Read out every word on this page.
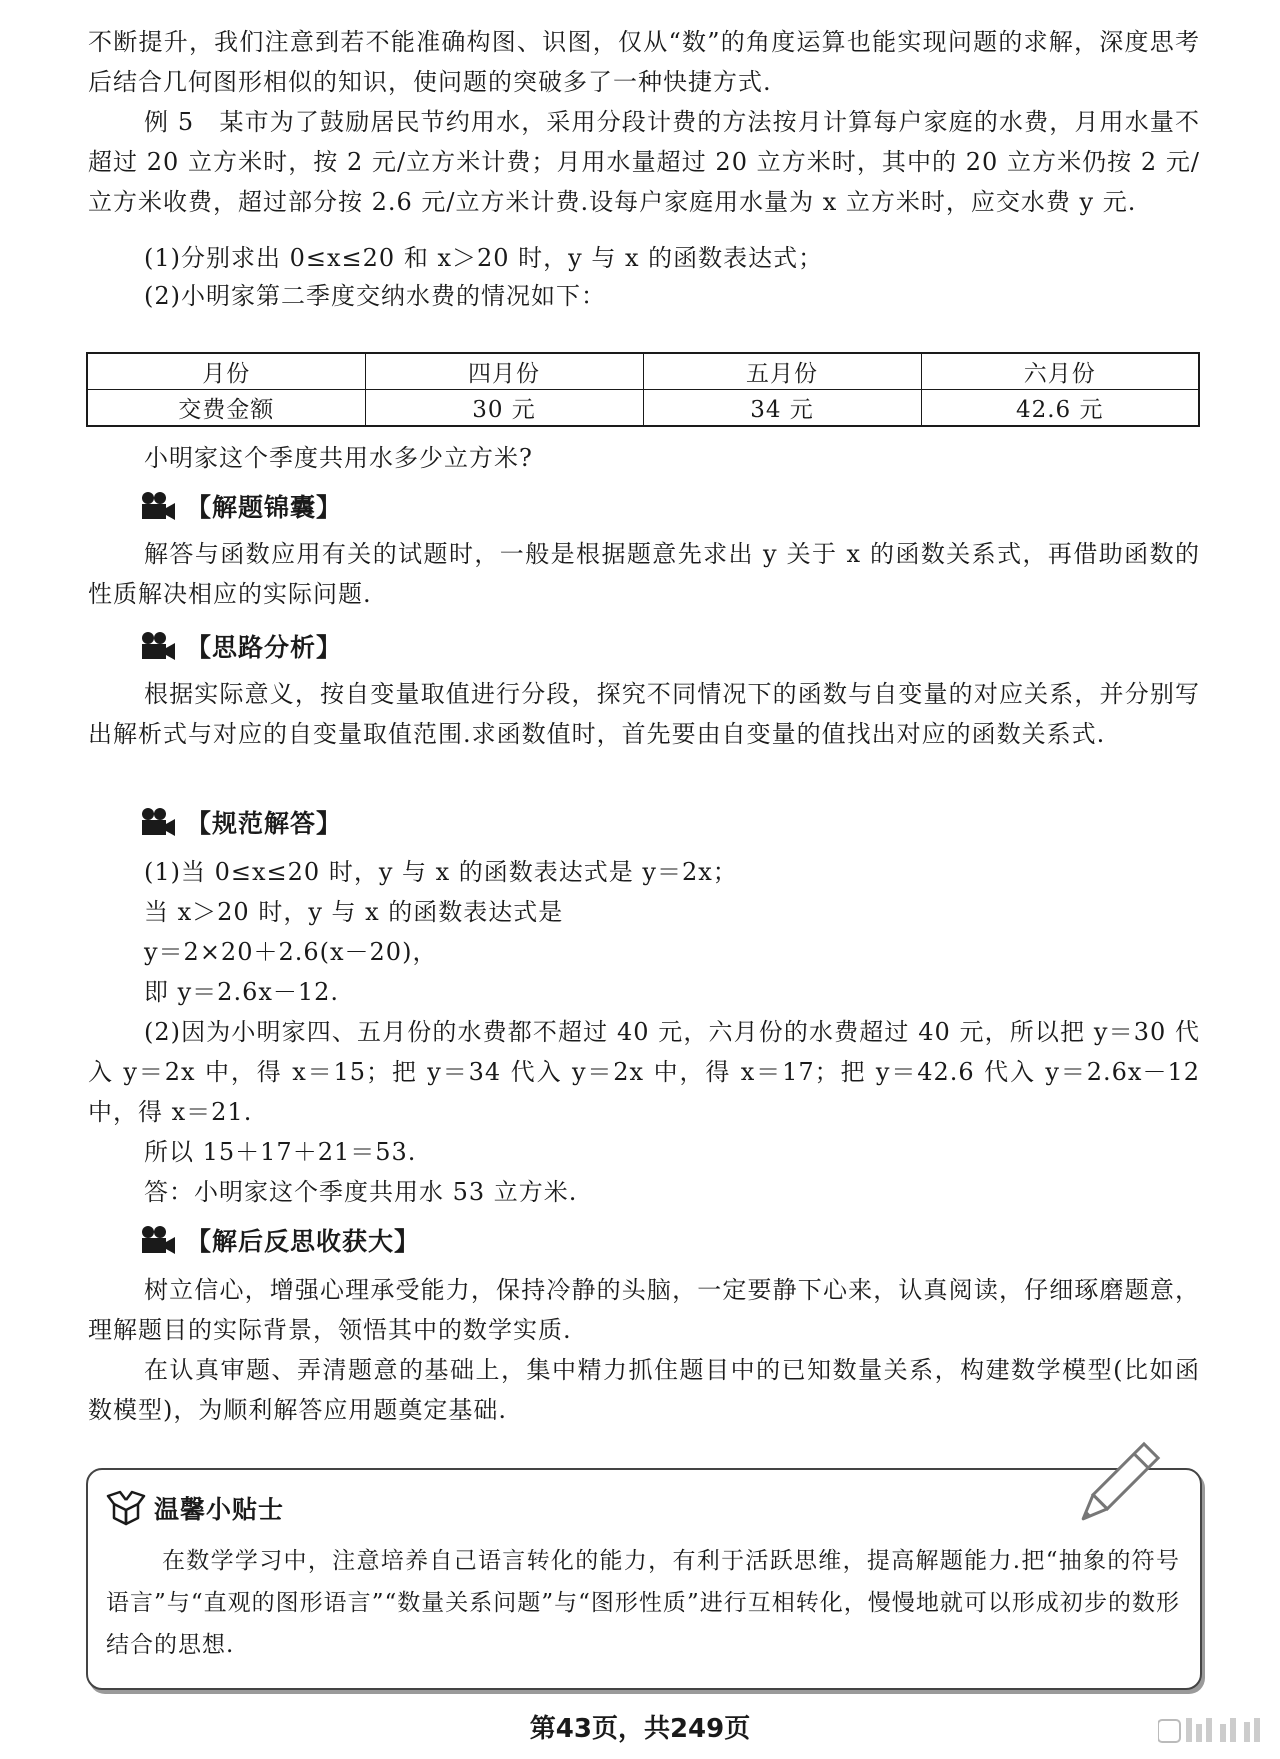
不断提升，我们注意到若不能准确构图、识图，仅从“数”的角度运算也能实现问题的求解，深度思考后结合几何图形相似的知识，使问题的突破多了一种快捷方式.

例 5　某市为了鼓励居民节约用水，采用分段计费的方法按月计算每户家庭的水费，月用水量不超过 20 立方米时，按 2 元/立方米计费；月用水量超过 20 立方米时，其中的 20 立方米仍按 2 元/立方米收费，超过部分按 2.6 元/立方米计费.设每户家庭用水量为 x 立方米时，应交水费 y 元.

(1)分别求出 0≤x≤20 和 x＞20 时，y 与 x 的函数表达式；

(2)小明家第二季度交纳水费的情况如下：

月份	四月份	五月份	六月份
交费金额	30 元	34 元	42.6 元

小明家这个季度共用水多少立方米?

【解题锦囊】

解答与函数应用有关的试题时，一般是根据题意先求出 y 关于 x 的函数关系式，再借助函数的性质解决相应的实际问题.

【思路分析】

根据实际意义，按自变量取值进行分段，探究不同情况下的函数与自变量的对应关系，并分别写出解析式与对应的自变量取值范围.求函数值时，首先要由自变量的值找出对应的函数关系式.

【规范解答】

(1)当 0≤x≤20 时，y 与 x 的函数表达式是 y＝2x；

当 x＞20 时，y 与 x 的函数表达式是

y＝2×20＋2.6(x－20)，

即 y＝2.6x－12.

(2)因为小明家四、五月份的水费都不超过 40 元，六月份的水费超过 40 元，所以把 y＝30 代入 y＝2x 中，得 x＝15；把 y＝34 代入 y＝2x 中，得 x＝17；把 y＝42.6 代入 y＝2.6x－12 中，得 x＝21.

所以 15＋17＋21＝53.

答：小明家这个季度共用水 53 立方米.

【解后反思收获大】

树立信心，增强心理承受能力，保持冷静的头脑，一定要静下心来，认真阅读，仔细琢磨题意，理解题目的实际背景，领悟其中的数学实质.

在认真审题、弄清题意的基础上，集中精力抓住题目中的已知数量关系，构建数学模型(比如函数模型)，为顺利解答应用题奠定基础.

温馨小贴士

在数学学习中，注意培养自己语言转化的能力，有利于活跃思维，提高解题能力.把“抽象的符号语言”与“直观的图形语言”“数量关系问题”与“图形性质”进行互相转化，慢慢地就可以形成初步的数形结合的思想.

第43页，共249页
